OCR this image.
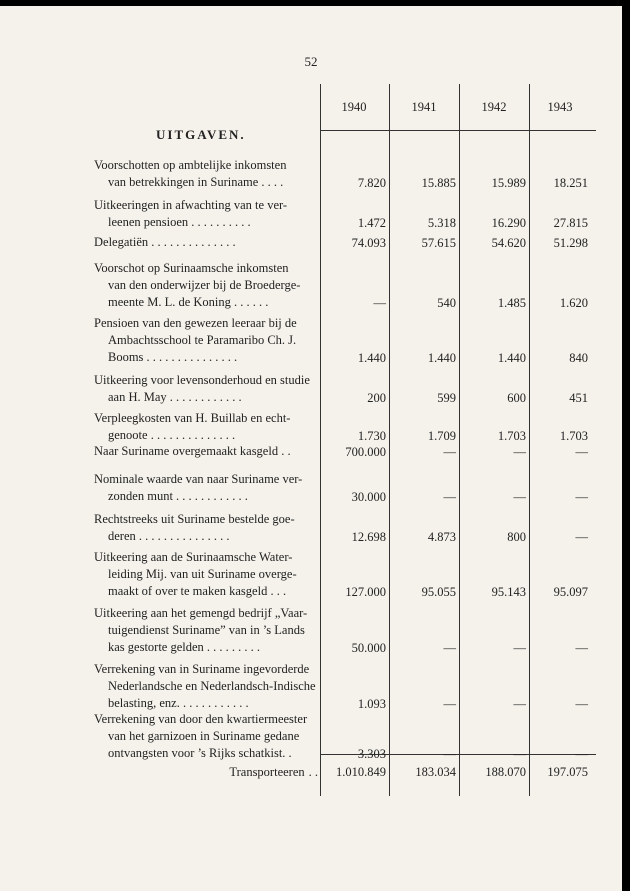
52
1940	1941	1942	1943
UITGAVEN.
Voorschotten op ambtelijke inkomsten
van betrekkingen in Suriname . . . .	7.820	15.885	15.989	18.251
Uitkeeringen in afwachting van te ver-
leenen pensioen . . . . . . . . . .	1.472	5.318	16.290	27.815
Delegatiën . . . . . . . . . . . . . .	74.093	57.615	54.620	51.298
Voorschot op Surinaamsche inkomsten
van den onderwijzer bij de Broederge-
meente M. L. de Koning . . . . . .	—	540	1.485	1.620
Pensioen van den gewezen leeraar bij de
Ambachtsschool te Paramaribo Ch. J.
Booms . . . . . . . . . . . . . . .	1.440	1.440	1.440	840
Uitkeering voor levensonderhoud en studie
aan H. May . . . . . . . . . . . .	200	599	600	451
Verpleegkosten van H. Buillab en echt-
genoote . . . . . . . . . . . . . .	1.730	1.709	1.703	1.703
Naar Suriname overgemaakt kasgeld . .	700.000	—	—	—
Nominale waarde van naar Suriname ver-
zonden munt . . . . . . . . . . . .	30.000	—	—	—
Rechtstreeks uit Suriname bestelde goe-
deren . . . . . . . . . . . . . . .	12.698	4.873	800	—
Uitkeering aan de Surinaamsche Water-
leiding Mij. van uit Suriname overge-
maakt of over te maken kasgeld . . .	127.000	95.055	95.143	95.097
Uitkeering aan het gemengd bedrijf „Vaar-
tuigendienst Suriname” van in ’s Lands
kas gestorte gelden . . . . . . . . .	50.000	—	—	—
Verrekening van in Suriname ingevorderde
Nederlandsche en Nederlandsch-Indische
belasting, enz. . . . . . . . . . . .	1.093	—	—	—
Verrekening van door den kwartiermeester
van het garnizoen in Suriname gedane
ontvangsten voor ’s Rijks schatkist. .	3.303	—	—	—
Transporteeren . .	1.010.849	183.034	188.070	197.075
